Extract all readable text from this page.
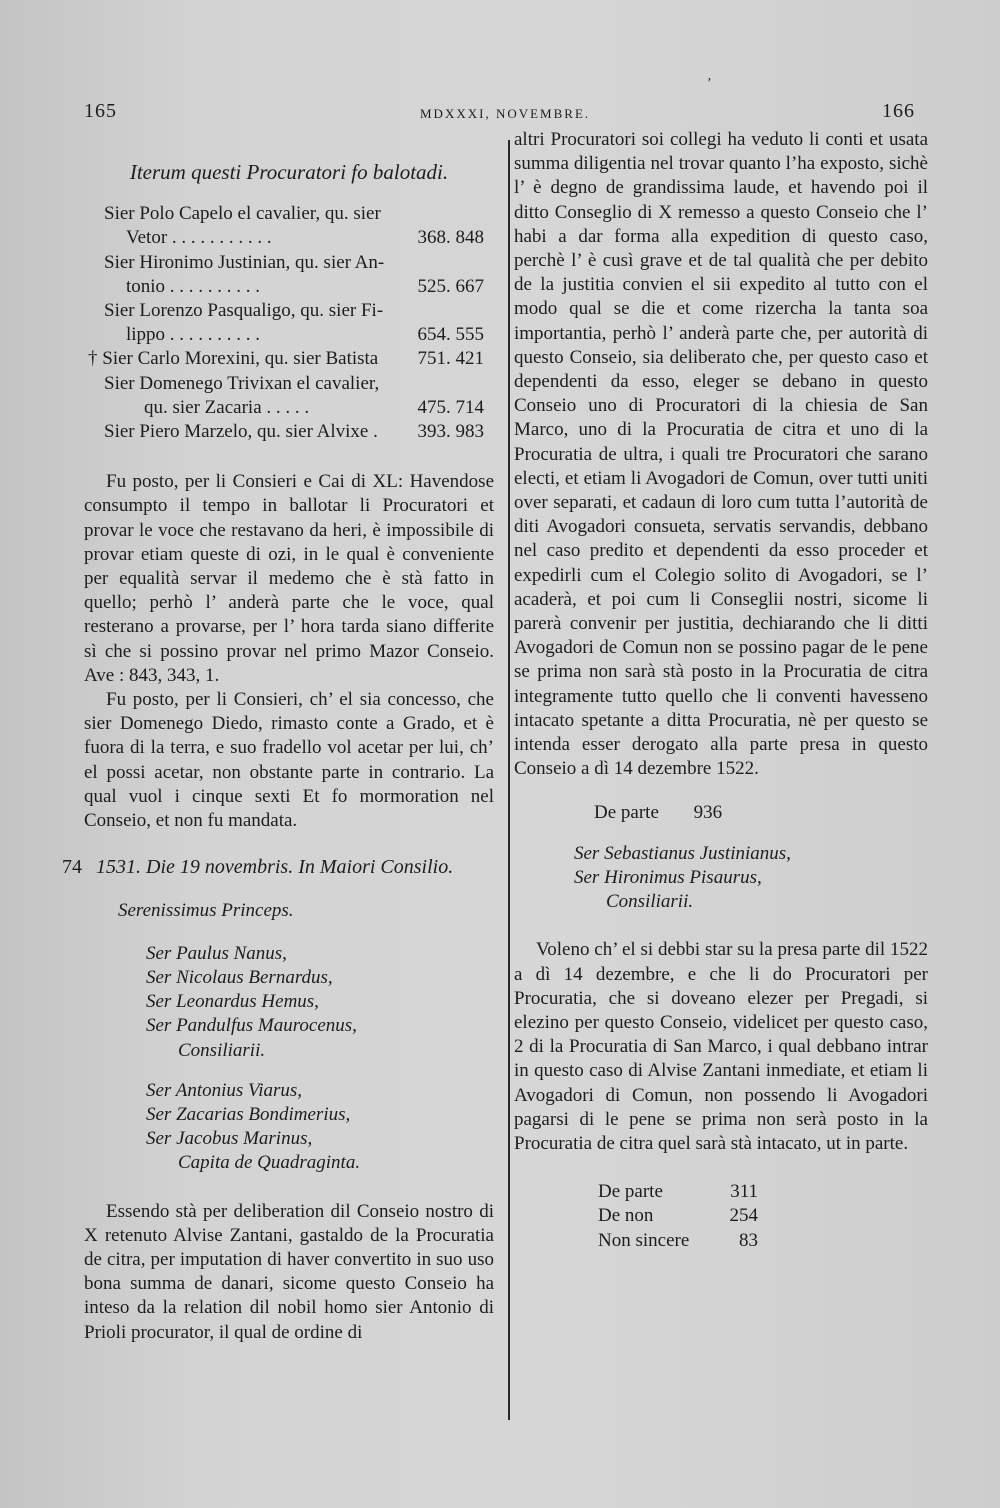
165	MDXXXI, NOVEMBRE.	166
’
Iterum questi Procuratori fo balotadi.
Sier Polo Capelo el cavalier, qu. sier
Vetor . . . . . . . . . . .	368. 848
Sier Hironimo Justinian, qu. sier An-
tonio . . . . . . . . . .	525. 667
Sier Lorenzo Pasqualigo, qu. sier Fi-
lippo . . . . . . . . . .	654. 555
† Sier Carlo Morexini, qu. sier Batista 751. 421
Sier Domenego Trivixan el cavalier,
qu. sier Zacaria . . . . .	475. 714
Sier Piero Marzelo, qu. sier Alvixe . 393. 983

Fu posto, per li Consieri e Cai di XL: Havendose consumpto il tempo in ballotar li Procuratori et provar le voce che restavano da heri, è impossibile di provar etiam queste di ozi, in le qual è conveniente per equalità servar il medemo che è stà fatto in quello; perhò l’ anderà parte che le voce, qual resterano a provarse, per l’ hora tarda siano differite sì che si possino provar nel primo Mazor Conseio. Ave : 843, 343, 1.

Fu posto, per li Consieri, ch’ el sia concesso, che sier Domenego Diedo, rimasto conte a Grado, et è fuora di la terra, e suo fradello vol acetar per lui, ch’ el possi acetar, non obstante parte in contrario. La qual vuol i cinque sexti Et fo mormoration nel Conseio, et non fu mandata.

74 1531. Die 19 novembris. In Maiori Consilio.
Serenissimus Princeps.
Ser Paulus Nanus,
Ser Nicolaus Bernardus,
Ser Leonardus Hemus,
Ser Pandulfus Maurocenus,
Consiliarii.
Ser Antonius Viarus,
Ser Zacarias Bondimerius,
Ser Jacobus Marinus,
Capita de Quadraginta.

Essendo stà per deliberation dil Conseio nostro di X retenuto Alvise Zantani, gastaldo de la Procuratia de citra, per imputation di haver convertito in suo uso bona summa de danari, sicome questo Conseio ha inteso da la relation dil nobil homo sier Antonio di Prioli procurator, il qual de ordine di

altri Procuratori soi collegi ha veduto li conti et usata summa diligentia nel trovar quanto l’ha exposto, sichè l’ è degno de grandissima laude, et havendo poi il ditto Conseglio di X remesso a questo Conseio che l’ habi a dar forma alla expedition di questo caso, perchè l’ è cusì grave et de tal qualità che per debito de la justitia convien el sii expedito al tutto con el modo qual se die et come rizercha la tanta soa importantia, perhò l’ anderà parte che, per autorità di questo Conseio, sia deliberato che, per questo caso et dependenti da esso, eleger se debano in questo Conseio uno di Procuratori di la chiesia de San Marco, uno di la Procuratia de citra et uno di la Procuratia de ultra, i quali tre Procuratori che sarano electi, et etiam li Avogadori de Comun, over tutti uniti over separati, et cadaun di loro cum tutta l’autorità de diti Avogadori consueta, servatis servandis, debbano nel caso predito et dependenti da esso proceder et expedirli cum el Colegio solito di Avogadori, se l’ acaderà, et poi cum li Conseglii nostri, sicome li parerà convenir per justitia, dechiarando che li ditti Avogadori de Comun non se possino pagar de le pene se prima non sarà stà posto in la Procuratia de citra integramente tutto quello che li conventi havesseno intacato spetante a ditta Procuratia, nè per questo se intenda esser derogato alla parte presa in questo Conseio a dì 14 dezembre 1522.

De parte 936
Ser Sebastianus Justinianus,
Ser Hironimus Pisaurus,
Consiliarii.

Voleno ch’ el si debbi star su la presa parte dil 1522 a dì 14 dezembre, e che li do Procuratori per Procuratia, che si doveano elezer per Pregadi, si elezino per questo Conseio, videlicet per questo caso, 2 di la Procuratia di San Marco, i qual debbano intrar in questo caso di Alvise Zantani inmediate, et etiam li Avogadori di Comun, non possendo li Avogadori pagarsi di le pene se prima non serà posto in la Procuratia de citra quel sarà stà intacato, ut in parte.

De parte	311
De non	254
Non sincere	83
